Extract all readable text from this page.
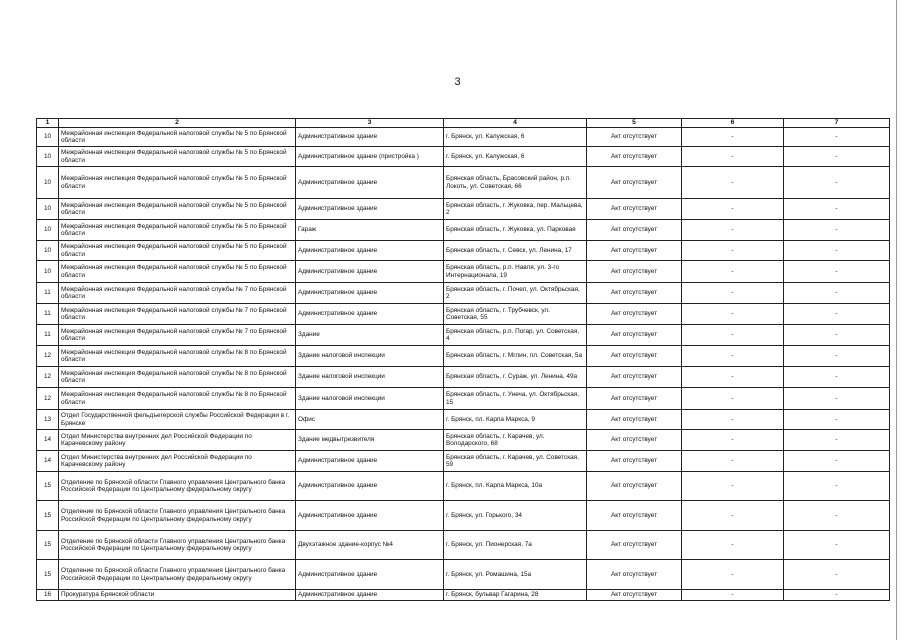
3
1	2	3	4	5	6	7
10	Межрайонная инспекция Федеральной налоговой службы № 5 по Брянской области	Административное здание	г. Брянск, ул. Калужская, 6	Акт отсутствует	-	-
10	Межрайонная инспекция Федеральной налоговой службы № 5 по Брянской области	Административное здание (пристройка )	г. Брянск, ул. Калужская, 6	Акт отсутствует	-	-
10	Межрайонная инспекция Федеральной налоговой службы № 5 по Брянской области	Административное здание	Брянская область, Брасовский район, р.п. Локоть, ул. Советская, 66	Акт отсутствует	-	-
10	Межрайонная инспекция Федеральной налоговой службы № 5 по Брянской области	Административное здание	Брянская область, г. Жуковка, пер. Мальцева, 2	Акт отсутствует	-	-
10	Межрайонная инспекция Федеральной налоговой службы № 5 по Брянской области	Гараж	Брянская область, г. Жуковка, ул. Парковая	Акт отсутствует	-	-
10	Межрайонная инспекция Федеральной налоговой службы № 5 по Брянской области	Административное здание	Брянская область, г. Севск, ул. Ленина, 17	Акт отсутствует	-	-
10	Межрайонная инспекция Федеральной налоговой службы № 5 по Брянской области	Административное здание	Брянская область, р.п. Навля, ул. 3-го Интернационала, 19	Акт отсутствует	-	-
11	Межрайонная инспекция Федеральной налоговой службы № 7 по Брянской области	Административное здание	Брянская область, г. Почеп, ул. Октябрьская, 2	Акт отсутствует	-	-
11	Межрайонная инспекция Федеральной налоговой службы № 7 по Брянской области	Административное здание	Брянская область, г. Трубчевск, ул. Советская, 55	Акт отсутствует	-	-
11	Межрайонная инспекция Федеральной налоговой службы № 7 по Брянской области	Здание	Брянская область, р.п. Погар, ул. Советская, 4	Акт отсутствует	-	-
12	Межрайонная инспекция Федеральной налоговой службы № 8 по Брянской области	Здание налоговой инспекции	Брянская область, г. Мглин, пл. Советская, 5а	Акт отсутствует	-	-
12	Межрайонная инспекция Федеральной налоговой службы № 8 по Брянской области	Здание налоговой инспекции	Брянская область, г. Сураж, ул. Ленина, 49а	Акт отсутствует	-	-
12	Межрайонная инспекция Федеральной налоговой службы № 8 по Брянской области	Здание налоговой инспекции	Брянская область, г. Унеча, ул. Октябрьская, 15	Акт отсутствует	-	-
13	Отдел Государственной фельдъегерской службы Российской Федерации в г. Брянске	Офис	г. Брянск, пл. Карла Маркса, 9	Акт отсутствует	-	-
14	Отдел Министерства внутренних дел Российской Федерации по Карачевскому району	Здание медвытрезвителя	Брянская область, г. Карачев, ул. Володарского, 68	Акт отсутствует	-	-
14	Отдел Министерства внутренних дел Российской Федерации по Карачевскому району	Административное здание	Брянская область, г. Карачев, ул. Советская, 59	Акт отсутствует	-	-
15	Отделение по Брянской области Главного управления Центрального банка Российской Федерации по Центральному федеральному округу	Административное здание	г. Брянск, пл. Карла Маркса, 10а	Акт отсутствует	-	-
15	Отделение по Брянской области Главного управления Центрального банка Российской Федерации по Центральному федеральному округу	Административное здание	г. Брянск, ул. Горького, 34	Акт отсутствует	-	-
15	Отделение по Брянской области Главного управления Центрального банка Российской Федерации по Центральному федеральному округу	Двухэтажное здание-корпус №4	г. Брянск, ул. Пионерская, 7а	Акт отсутствует	-	-
15	Отделение по Брянской области Главного управления Центрального банка Российской Федерации по Центральному федеральному округу	Административное здание	г. Брянск, ул. Ромашина, 15а	Акт отсутствует	-	-
16	Прокуратура Брянской области	Административное здание	г. Брянск, бульвар Гагарина, 28	Акт отсутствует	-	-
